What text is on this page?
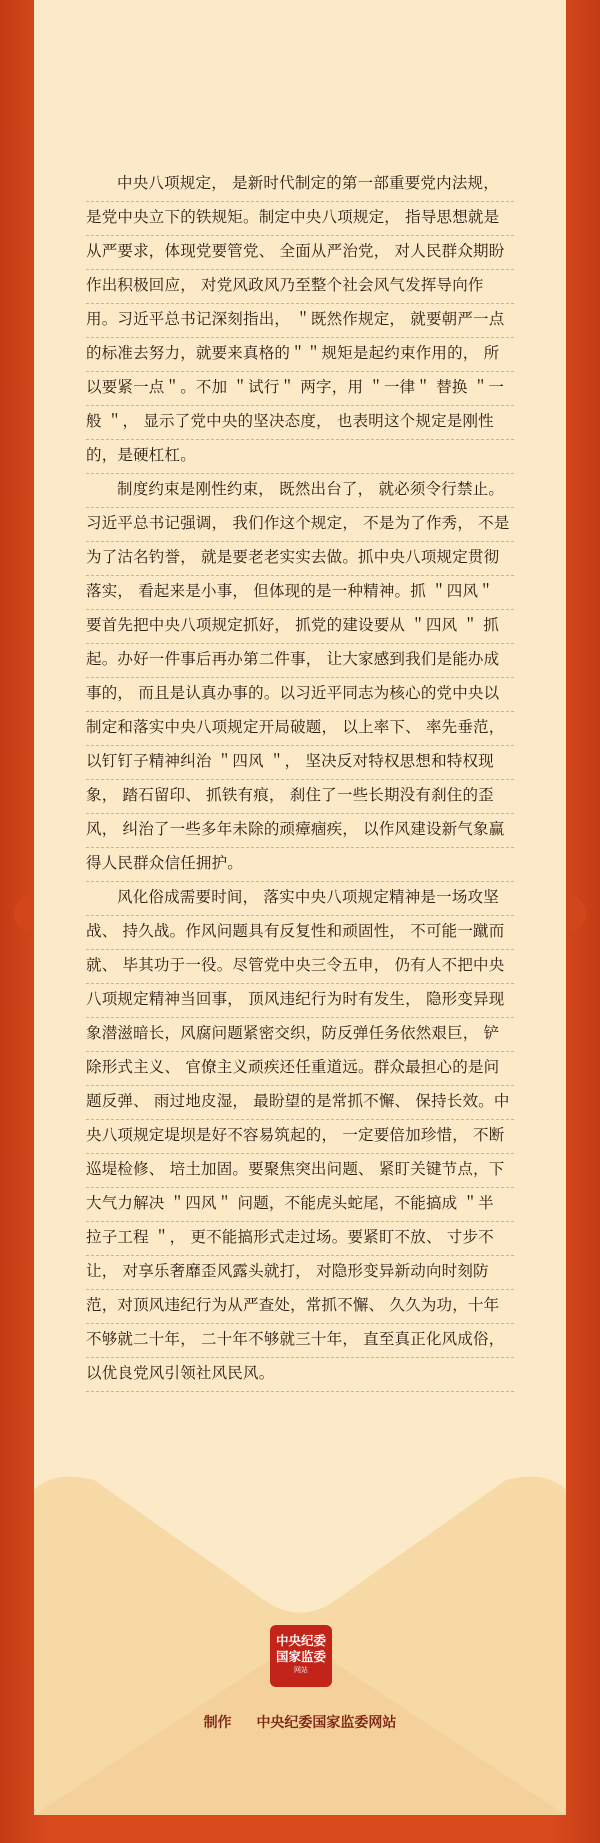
中央八项规定， 是新时代制定的第一部重要党内法规，
是党中央立下的铁规矩。制定中央八项规定， 指导思想就是
从严要求，体现党要管党、 全面从严治党， 对人民群众期盼
作出积极回应， 对党风政风乃至整个社会风气发挥导向作
用。习近平总书记深刻指出， ＂既然作规定， 就要朝严一点
的标准去努力，就要来真格的＂＂规矩是起约束作用的， 所
以要紧一点＂。不加 ＂试行＂ 两字，用 ＂一律＂ 替换 ＂一
般 ＂， 显示了党中央的坚决态度， 也表明这个规定是刚性
的，是硬杠杠。
制度约束是刚性约束， 既然出台了， 就必须令行禁止。
习近平总书记强调， 我们作这个规定， 不是为了作秀， 不是
为了沽名钓誉， 就是要老老实实去做。抓中央八项规定贯彻
落实， 看起来是小事， 但体现的是一种精神。抓 ＂四风＂
要首先把中央八项规定抓好， 抓党的建设要从 ＂四风 ＂ 抓
起。办好一件事后再办第二件事， 让大家感到我们是能办成
事的， 而且是认真办事的。以习近平同志为核心的党中央以
制定和落实中央八项规定开局破题， 以上率下、 率先垂范，
以钉钉子精神纠治 ＂四风 ＂， 坚决反对特权思想和特权现
象， 踏石留印、 抓铁有痕， 刹住了一些长期没有刹住的歪
风， 纠治了一些多年未除的顽瘴痼疾， 以作风建设新气象赢
得人民群众信任拥护。
风化俗成需要时间， 落实中央八项规定精神是一场攻坚
战、 持久战。作风问题具有反复性和顽固性， 不可能一蹴而
就、 毕其功于一役。尽管党中央三令五申， 仍有人不把中央
八项规定精神当回事， 顶风违纪行为时有发生， 隐形变异现
象潜滋暗长，风腐问题紧密交织，防反弹任务依然艰巨， 铲
除形式主义、 官僚主义顽疾还任重道远。群众最担心的是问
题反弹、 雨过地皮湿， 最盼望的是常抓不懈、 保持长效。中
央八项规定堤坝是好不容易筑起的， 一定要倍加珍惜， 不断
巡堤检修、 培土加固。要聚焦突出问题、 紧盯关键节点，下
大气力解决 ＂四风＂ 问题，不能虎头蛇尾，不能搞成 ＂半
拉子工程 ＂， 更不能搞形式走过场。要紧盯不放、 寸步不
让， 对享乐奢靡歪风露头就打， 对隐形变异新动向时刻防
范，对顶风违纪行为从严查处，常抓不懈、 久久为功，十年
不够就二十年， 二十年不够就三十年， 直至真正化风成俗，
以优良党风引领社风民风。
中央纪委
国家监委
网站
制作 中央纪委国家监委网站
